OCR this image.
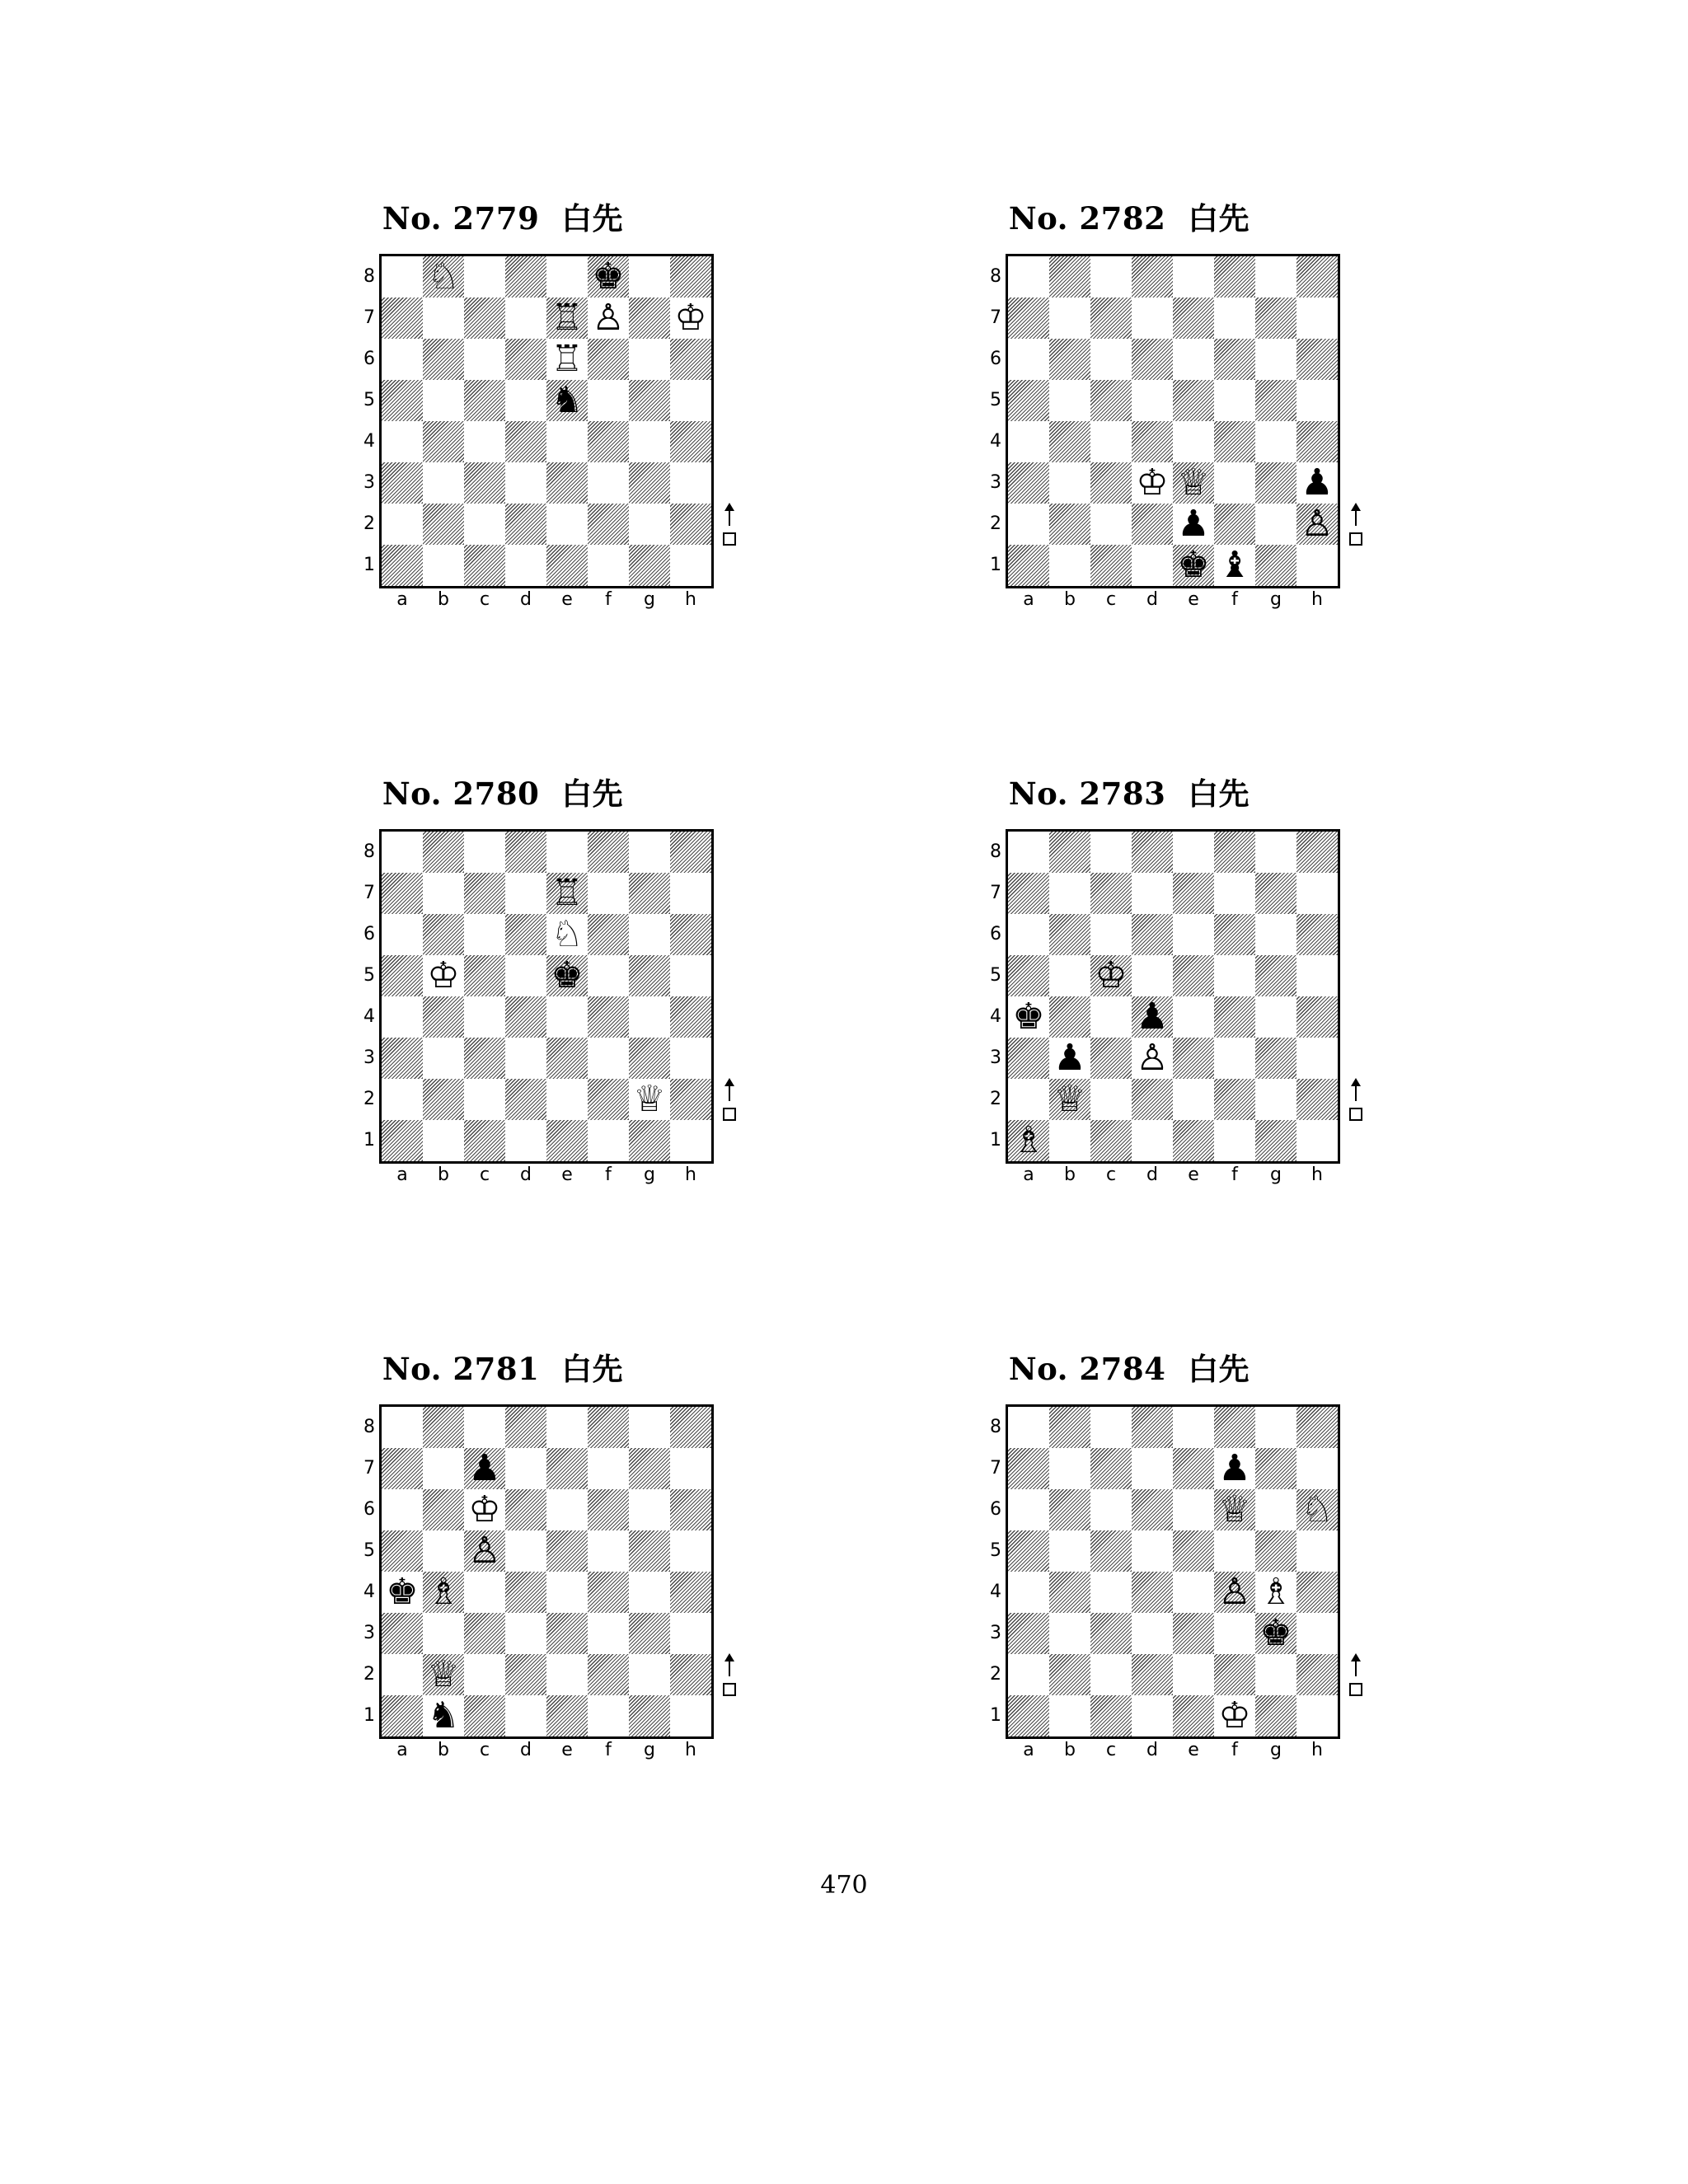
No. 2779  白先
♘	♚
♖ ♙ ♔
♖
♞
8
7
6
5
4
3
2
1
a	b	c	d	e	f	g	h
No. 2782  白先
♔ ♕	♟
♟	♙
♚ ♝
8
7
6
5
4
3
2
1
a	b	c	d	e	f	g	h
No. 2780  白先
♖
♘
♔	♚
♕
8
7
6
5
4
3
2
1
a	b	c	d	e	f	g	h
No. 2783  白先
♔
♚	♟
♟ ♙
♕
♗
8
7
6
5
4
3
2
1
a	b	c	d	e	f	g	h
No. 2781  白先
♟
♔
♙
♚ ♗
♕
♞
8
7
6
5
4
3
2
1
a	b	c	d	e	f	g	h
No. 2784  白先
♟
♕ ♘
♙ ♗
♚
♔
8
7
6
5
4
3
2
1
a	b	c	d	e	f	g	h
470
